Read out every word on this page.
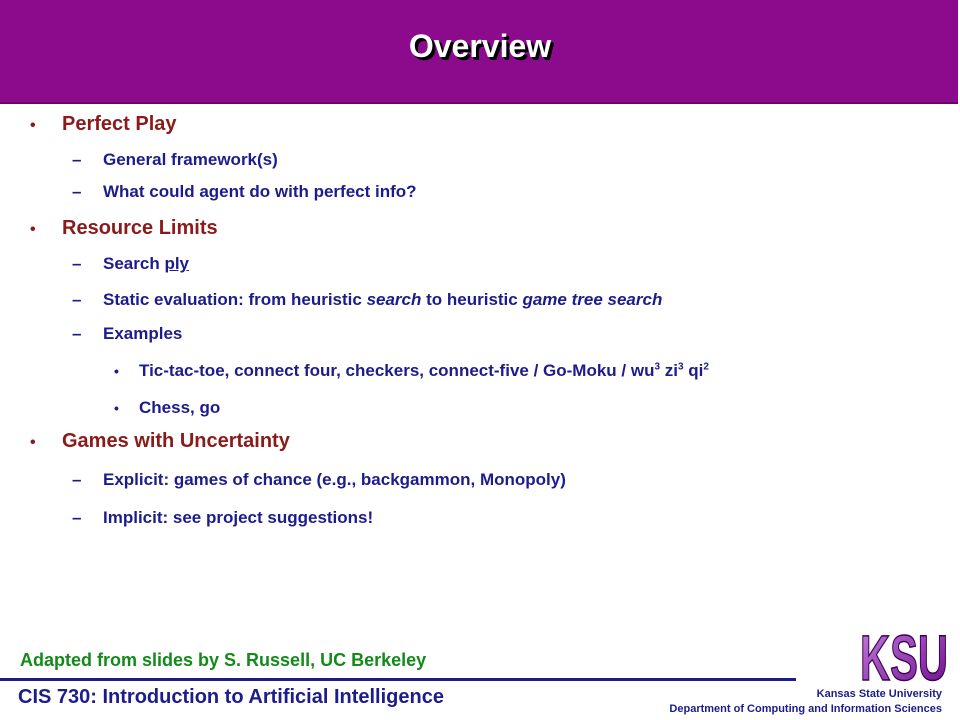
Overview
•	Perfect Play
–	General framework(s)
–	What could agent do with perfect info?
•	Resource Limits
–	Search ply
–	Static evaluation: from heuristic search to heuristic game tree search
–	Examples
•	Tic-tac-toe, connect four, checkers, connect-five / Go-Moku / $wu^3$ $zi^3$ $qi^2$
•	Chess, go
•	Games with Uncertainty
–	Explicit: games of chance (e.g., backgammon, Monopoly)
–	Implicit: see project suggestions!
Adapted from slides by S. Russell, UC Berkeley
CIS 730: Introduction to Artificial Intelligence	Kansas State University
Department of Computing and Information Sciences
KSU
